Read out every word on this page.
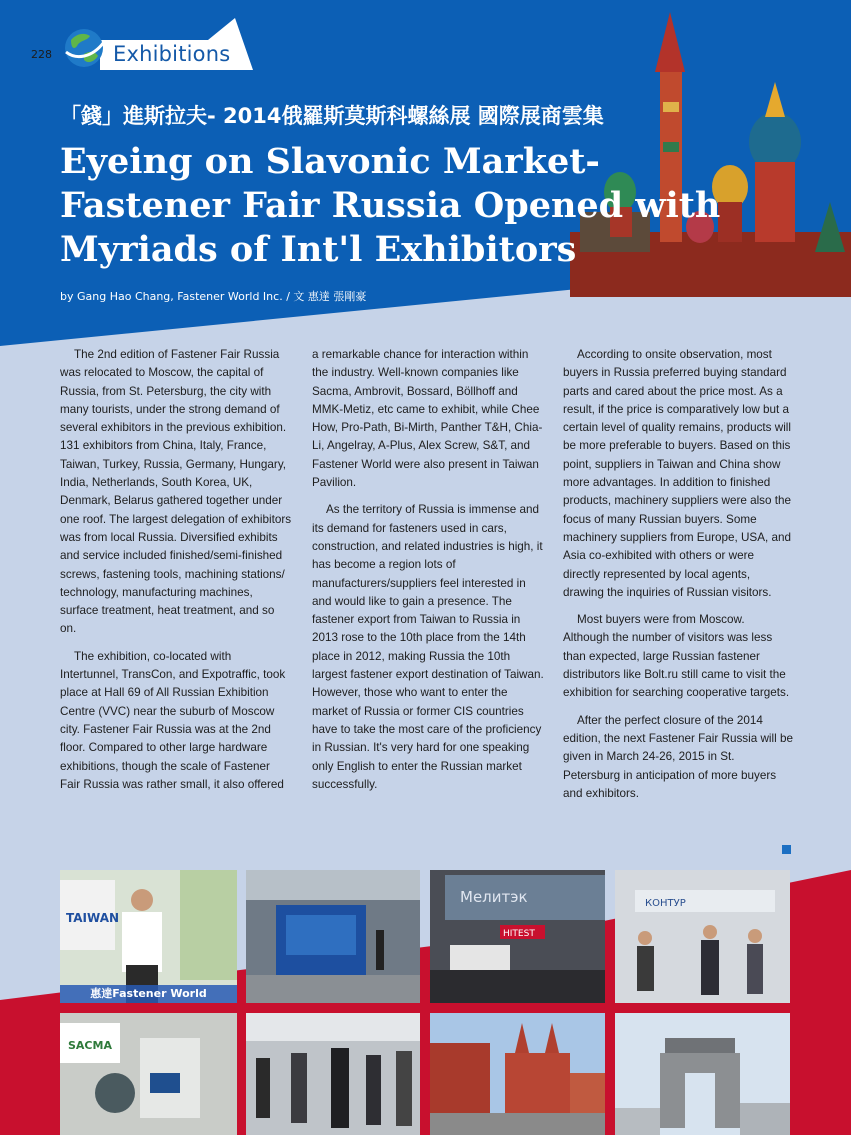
228	Exhibitions
「錢」進斯拉夫- 2014俄羅斯莫斯科螺絲展 國際展商雲集
Eyeing on Slavonic Market- Fastener Fair Russia Opened with Myriads of Int'l Exhibitors
by Gang Hao Chang, Fastener World Inc. / 文 惠達 張剛豪

The 2nd edition of Fastener Fair Russia was relocated to Moscow, the capital of Russia, from St. Petersburg, the city with many tourists, under the strong demand of several exhibitors in the previous exhibition. 131 exhibitors from China, Italy, France, Taiwan, Turkey, Russia, Germany, Hungary, India, Netherlands, South Korea, UK, Denmark, Belarus gathered together under one roof. The largest delegation of exhibitors was from local Russia. Diversified exhibits and service included finished/semi-finished screws, fastening tools, machining stations/ technology, manufacturing machines, surface treatment, heat treatment, and so on.

The exhibition, co-located with Intertunnel, TransCon, and Expotraffic, took place at Hall 69 of All Russian Exhibition Centre (VVC) near the suburb of Moscow city. Fastener Fair Russia was at the 2nd floor. Compared to other large hardware exhibitions, though the scale of Fastener Fair Russia was rather small, it also offered

a remarkable chance for interaction within the industry. Well-known companies like Sacma, Ambrovit, Bossard, Böllhoff and MMK-Metiz, etc came to exhibit, while Chee How, Pro-Path, Bi-Mirth, Panther T&H, Chia-Li, Angelray, A-Plus, Alex Screw, S&T, and Fastener World were also present in Taiwan Pavilion.

As the territory of Russia is immense and its demand for fasteners used in cars, construction, and related industries is high, it has become a region lots of manufacturers/suppliers feel interested in and would like to gain a presence. The fastener export from Taiwan to Russia in 2013 rose to the 10th place from the 14th place in 2012, making Russia the 10th largest fastener export destination of Taiwan. However, those who want to enter the market of Russia or former CIS countries have to take the most care of the proficiency in Russian. It's very hard for one speaking only English to enter the Russian market successfully.

According to onsite observation, most buyers in Russia preferred buying standard parts and cared about the price most. As a result, if the price is comparatively low but a certain level of quality remains, products will be more preferable to buyers. Based on this point, suppliers in Taiwan and China show more advantages. In addition to finished products, machinery suppliers were also the focus of many Russian buyers. Some machinery suppliers from Europe, USA, and Asia co-exhibited with others or were directly represented by local agents, drawing the inquiries of Russian visitors.

Most buyers were from Moscow. Although the number of visitors was less than expected, large Russian fastener distributors like Bolt.ru still came to visit the exhibition for searching cooperative targets.

After the perfect closure of the 2014 edition, the next Fastener Fair Russia will be given in March 24-26, 2015 in St. Petersburg in anticipation of more buyers and exhibitors.

TAIWAN
惠達Fastener World
Мелитэк
HITEST
КОНТУР
SACMA
